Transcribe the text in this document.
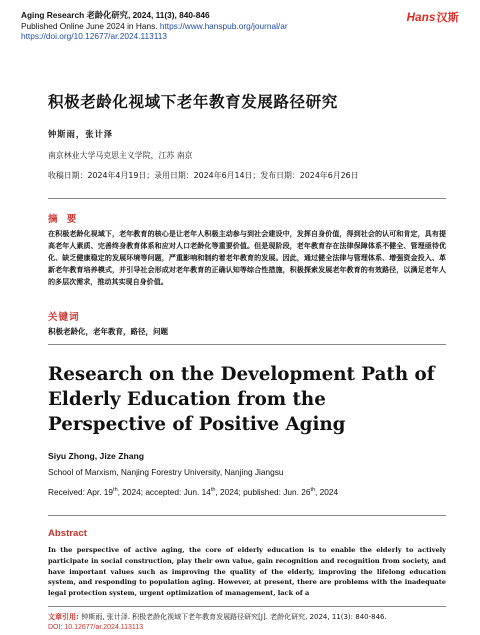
Aging Research 老龄化研究, 2024, 11(3), 840-846
Published Online June 2024 in Hans. https://www.hanspub.org/journal/ar
https://doi.org/10.12677/ar.2024.113113
Hans汉斯
积极老龄化视域下老年教育发展路径研究
钟斯雨，张计泽
南京林业大学马克思主义学院，江苏 南京
收稿日期：2024年4月19日；录用日期：2024年6月14日；发布日期：2024年6月26日
摘 要
在积极老龄化视域下，老年教育的核心是让老年人积极主动参与到社会建设中，发挥自身价值，得到社会的认可和肯定，具有提高老年人素质、完善终身教育体系和应对人口老龄化等重要价值。但是现阶段，老年教育存在法律保障体系不健全、管理亟待优化、缺乏健康稳定的发展环境等问题，严重影响和制约着老年教育的发展。因此，通过健全法律与管理体系、增强资金投入、革新老年教育培养模式，并引导社会形成对老年教育的正确认知等综合性措施，积极探索发展老年教育的有效路径，以满足老年人的多层次需求，推动其实现自身价值。
关键词
积极老龄化，老年教育，路径，问题
Research on the Development Path of Elderly Education from the Perspective of Positive Aging
Siyu Zhong, Jize Zhang
School of Marxism, Nanjing Forestry University, Nanjing Jiangsu
Received: Apr. 19th, 2024; accepted: Jun. 14th, 2024; published: Jun. 26th, 2024
Abstract
In the perspective of active aging, the core of elderly education is to enable the elderly to actively participate in social construction, play their own value, gain recognition and recognition from society, and have important values such as improving the quality of the elderly, improving the lifelong education system, and responding to population aging. However, at present, there are problems with the inadequate legal protection system, urgent optimization of management, lack of a
文章引用: 钟斯雨, 张计泽. 积极老龄化视域下老年教育发展路径研究[J]. 老龄化研究, 2024, 11(3): 840-846.
DOI: 10.12677/ar.2024.113113
